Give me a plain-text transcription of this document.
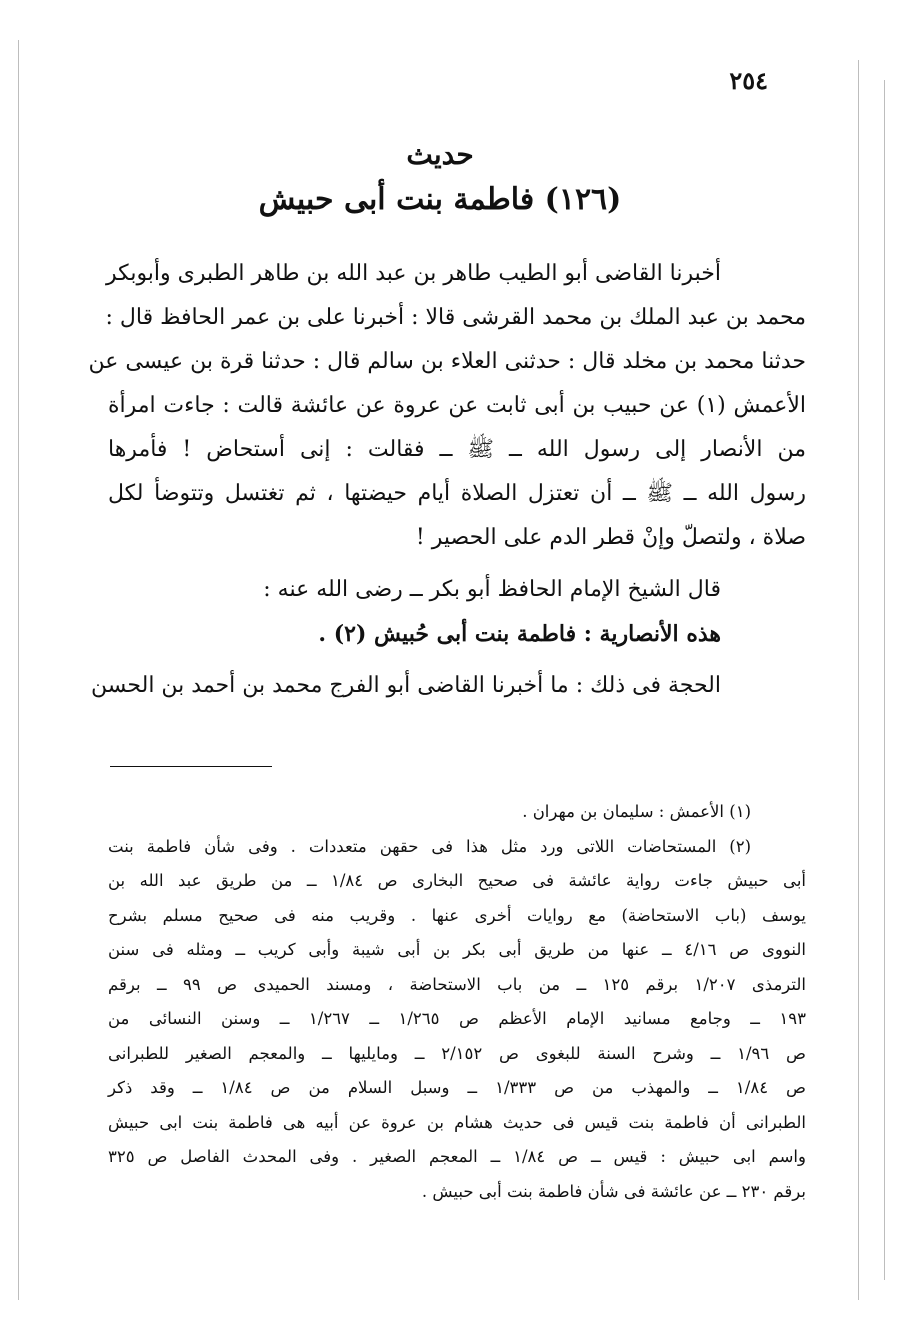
٢٥٤
حديث
(١٢٦) فاطمة بنت أبى حبيش
أخبرنا القاضى أبو الطيب طاهر بن عبد الله بن طاهر الطبرى وأبوبكر
محمد بن عبد الملك بن محمد القرشى قالا : أخبرنا على بن عمر الحافظ قال :
حدثنا محمد بن مخلد قال : حدثنى العلاء بن سالم قال : حدثنا قرة بن عيسى عن
الأعمش (١) عن حبيب بن أبى ثابت عن عروة عن عائشة قالت : جاءت امرأة
من الأنصار إلى رسول الله ــ ﷺ ــ فقالت : إنى أستحاض ! فأمرها
رسول الله ــ ﷺ ــ أن تعتزل الصلاة أيام حيضتها ، ثم تغتسل وتتوضأ لكل
صلاة ، ولتصلّ وإنْ قطر الدم على الحصير !
قال الشيخ الإمام الحافظ أبو بكر ــ رضى الله عنه :
هذه الأنصارية : فاطمة بنت أبى حُبيش (٢) .
الحجة فى ذلك : ما أخبرنا القاضى أبو الفرج محمد بن أحمد بن الحسن
(١) الأعمش : سليمان بن مهران .
(٢) المستحاضات اللاتى ورد مثل هذا فى حقهن متعددات . وفى شأن فاطمة بنت
أبى حبيش جاءت رواية عائشة فى صحيح البخارى ص ١/٨٤ ــ من طريق عبد الله بن
يوسف (باب الاستحاضة) مع روايات أخرى عنها . وقريب منه فى صحيح مسلم بشرح
النووى ص ٤/١٦ ــ عنها من طريق أبى بكر بن أبى شيبة وأبى كريب ــ ومثله فى سنن
الترمذى ١/٢٠٧ برقم ١٢٥ ــ من باب الاستحاضة ، ومسند الحميدى ص ٩٩ ــ برقم
١٩٣ ــ وجامع مسانيد الإمام الأعظم ص ١/٢٦٥ ــ ١/٢٦٧ ــ وسنن النسائى من
ص ١/٩٦ ــ وشرح السنة للبغوى ص ٢/١٥٢ ــ ومايليها ــ والمعجم الصغير للطبرانى
ص ١/٨٤ ــ والمهذب من ص ١/٣٣٣ ــ وسبل السلام من ص ١/٨٤ ــ وقد ذكر
الطبرانى أن فاطمة بنت قيس فى حديث هشام بن عروة عن أبيه هى فاطمة بنت ابى حبيش
واسم ابى حبيش : قيس ــ ص ١/٨٤ ــ المعجم الصغير . وفى المحدث الفاصل ص ٣٢٥
برقم ٢٣٠ ــ عن عائشة فى شأن فاطمة بنت أبى حبيش .
